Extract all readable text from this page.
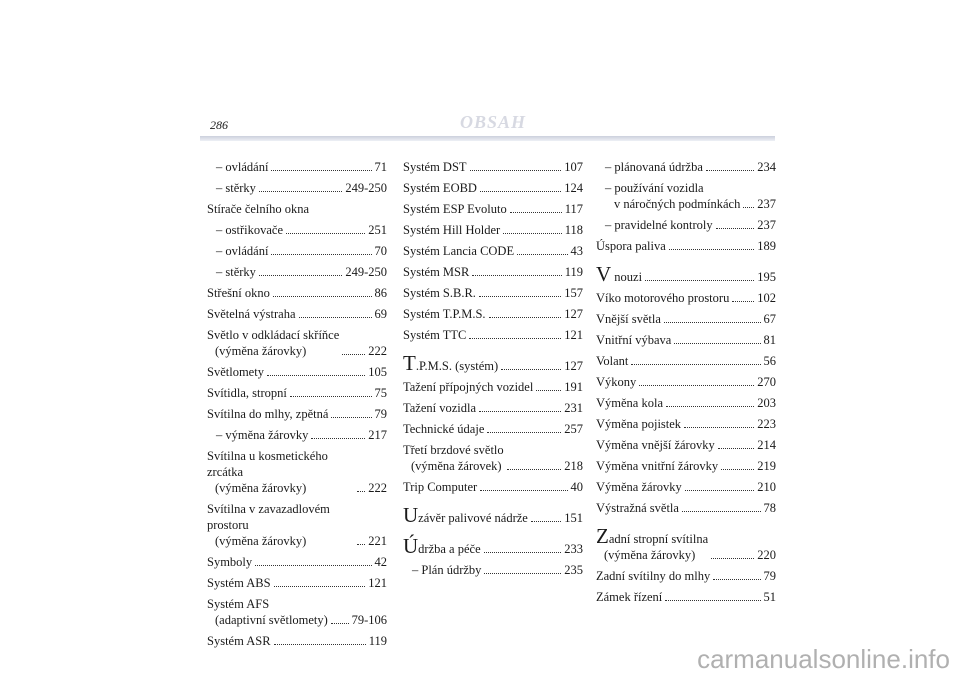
286	OBSAH
– ovládání	71
– stěrky	249-250
Stírače čelního okna
– ostřikovače	251
– ovládání	70
– stěrky	249-250
Střešní okno	86
Světelná výstraha	69
Světlo v odkládací skříňce
(výměna žárovky)	222
Světlomety	105
Svítidla, stropní	75
Svítilna do mlhy, zpětná	79
– výměna žárovky	217
Svítilna u kosmetického zrcátka
(výměna žárovky)	222
Svítilna v zavazadlovém prostoru
(výměna žárovky)	221
Symboly	42
Systém ABS	121
Systém AFS
(adaptivní světlomety) 79-106
Systém ASR	119
Systém DST	107
Systém EOBD	124
Systém ESP Evoluto	117
Systém Hill Holder	118
Systém Lancia CODE	43
Systém MSR	119
Systém S.B.R.	157
Systém T.P.M.S.	127
Systém TTC	121
T.P.M.S. (systém)	127
Tažení přípojných vozidel 191
Tažení vozidla	231
Technické údaje	257
Třetí brzdové světlo
(výměna žárovek)	218
Trip Computer	40
Uzávěr palivové nádrže	151
Údržba a péče	233
– Plán údržby	235
– plánovaná údržba	234
– používání vozidla
v náročných podmínkách 237
– pravidelné kontroly	237
Úspora paliva	189
V nouzi	195
Víko motorového prostoru 102
Vnější světla	67
Vnitřní výbava	81
Volant	56
Výkony	270
Výměna kola	203
Výměna pojistek	223
Výměna vnější žárovky	214
Výměna vnitřní žárovky	219
Výměna žárovky	210
Výstražná světla	78
Zadní stropní svítilna
(výměna žárovky)	220
Zadní svítilny do mlhy	79
Zámek řízení	51
carmanualsonline.info
